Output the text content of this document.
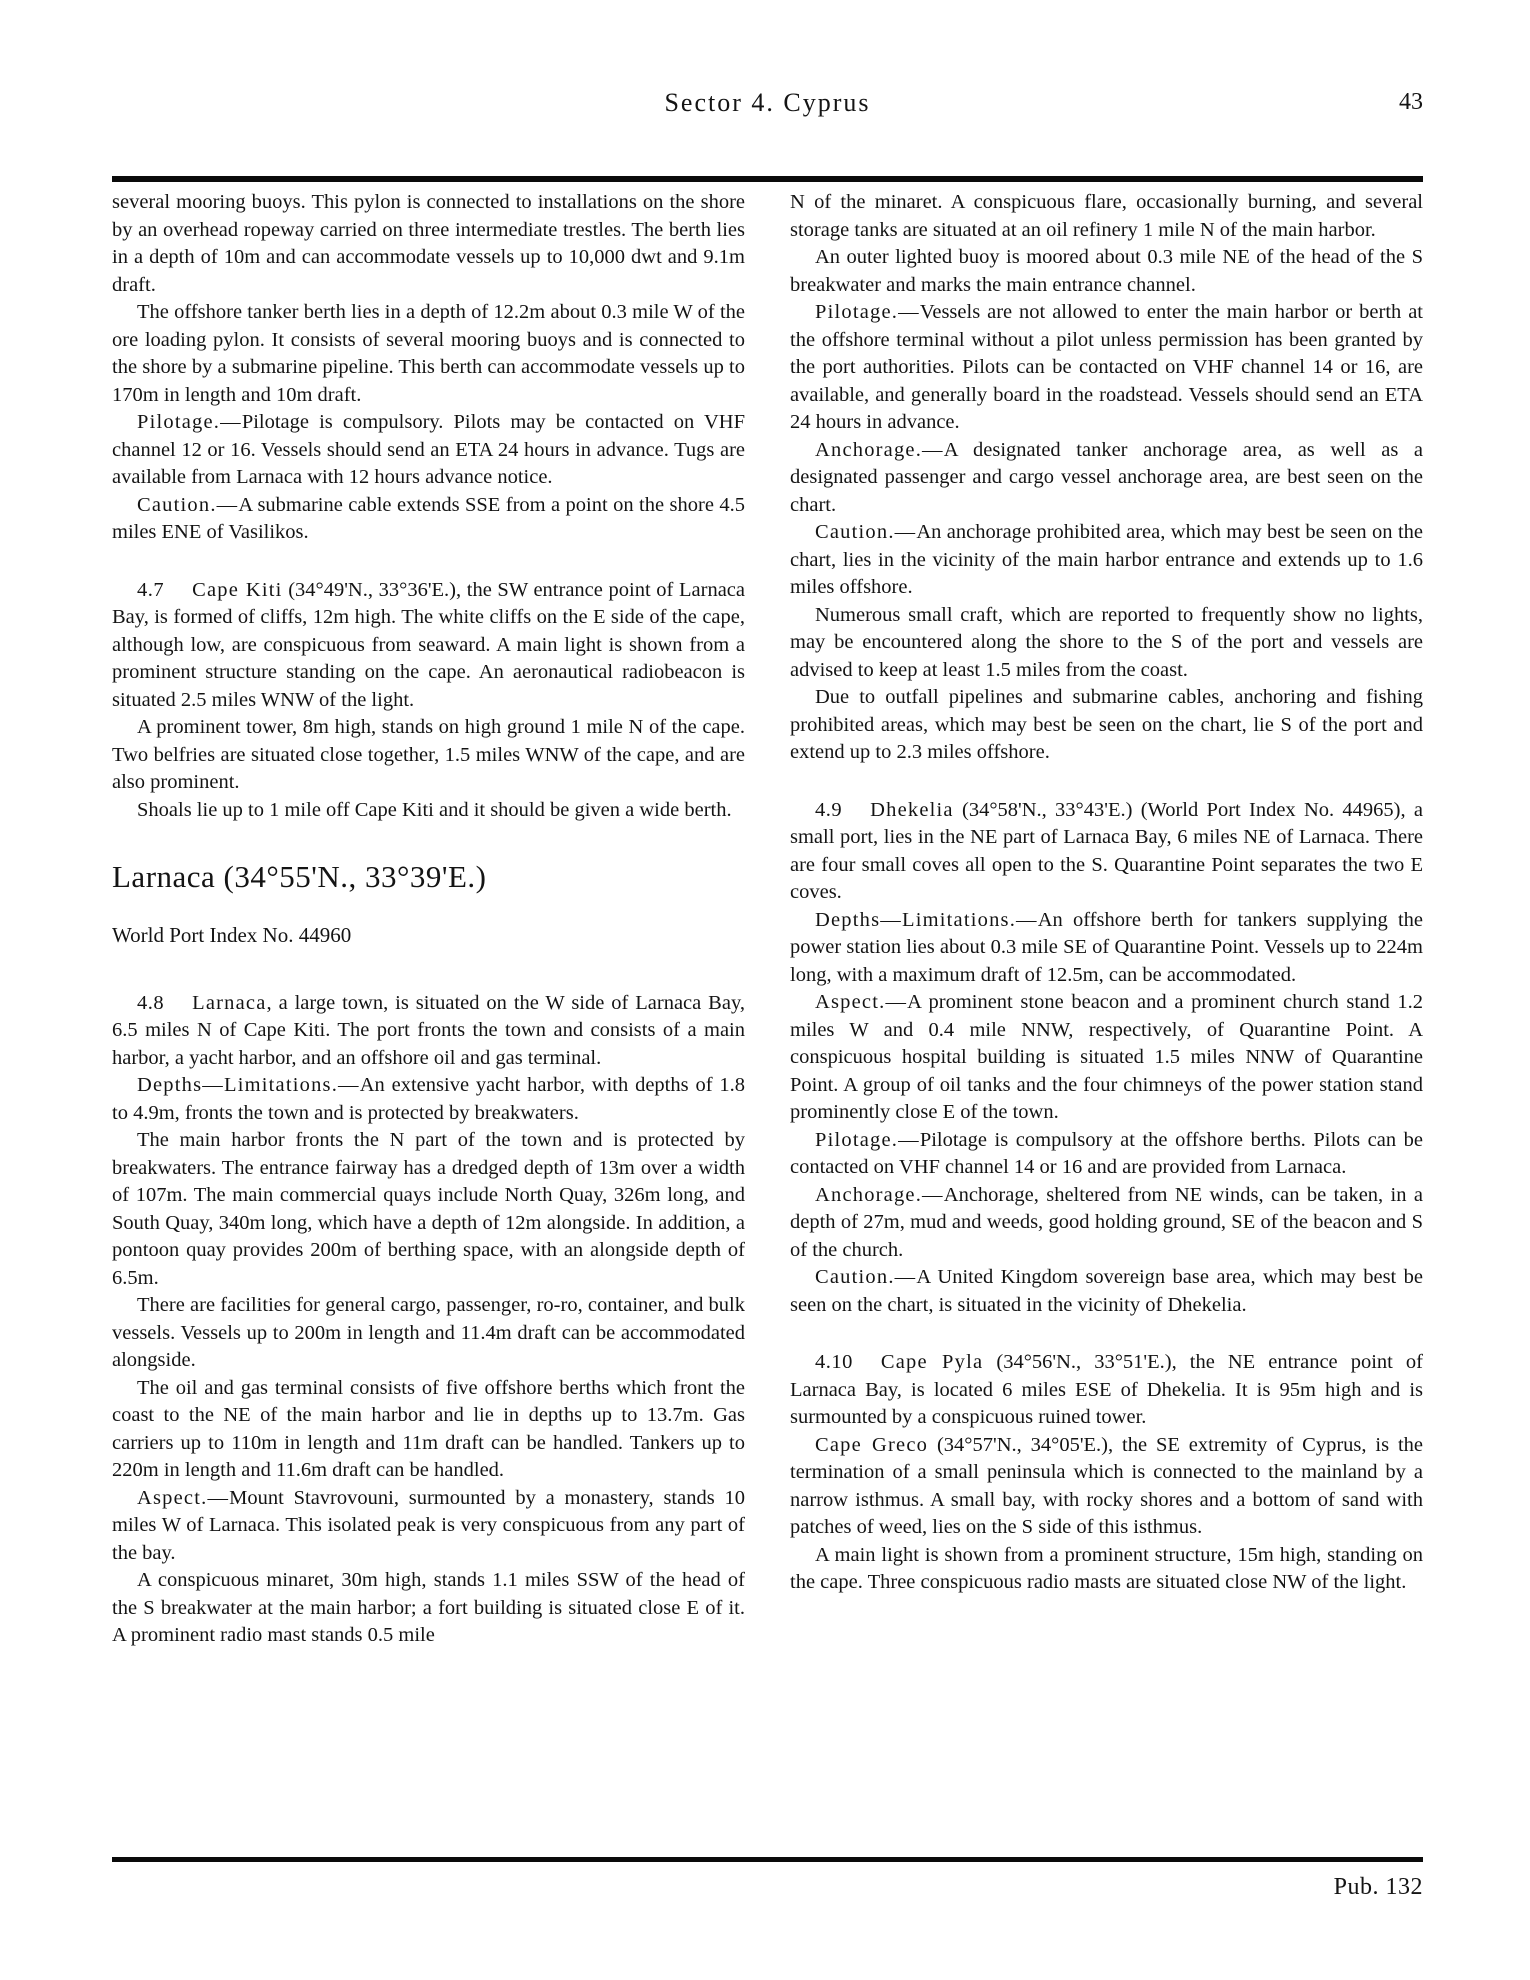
Sector 4. Cyprus	43

several mooring buoys. This pylon is connected to installations on the shore by an overhead ropeway carried on three intermediate trestles. The berth lies in a depth of 10m and can accommodate vessels up to 10,000 dwt and 9.1m draft.

The offshore tanker berth lies in a depth of 12.2m about 0.3 mile W of the ore loading pylon. It consists of several mooring buoys and is connected to the shore by a submarine pipeline. This berth can accommodate vessels up to 170m in length and 10m draft.

Pilotage.—Pilotage is compulsory. Pilots may be contacted on VHF channel 12 or 16. Vessels should send an ETA 24 hours in advance. Tugs are available from Larnaca with 12 hours advance notice.

Caution.—A submarine cable extends SSE from a point on the shore 4.5 miles ENE of Vasilikos.

4.7 Cape Kiti (34°49'N., 33°36'E.), the SW entrance point of Larnaca Bay, is formed of cliffs, 12m high. The white cliffs on the E side of the cape, although low, are conspicuous from seaward. A main light is shown from a prominent structure standing on the cape. An aeronautical radiobeacon is situated 2.5 miles WNW of the light.

A prominent tower, 8m high, stands on high ground 1 mile N of the cape. Two belfries are situated close together, 1.5 miles WNW of the cape, and are also prominent.

Shoals lie up to 1 mile off Cape Kiti and it should be given a wide berth.

Larnaca (34°55'N., 33°39'E.)

World Port Index No. 44960

4.8 Larnaca, a large town, is situated on the W side of Larnaca Bay, 6.5 miles N of Cape Kiti. The port fronts the town and consists of a main harbor, a yacht harbor, and an offshore oil and gas terminal.

Depths—Limitations.—An extensive yacht harbor, with depths of 1.8 to 4.9m, fronts the town and is protected by breakwaters.

The main harbor fronts the N part of the town and is protected by breakwaters. The entrance fairway has a dredged depth of 13m over a width of 107m. The main commercial quays include North Quay, 326m long, and South Quay, 340m long, which have a depth of 12m alongside. In addition, a pontoon quay provides 200m of berthing space, with an alongside depth of 6.5m.

There are facilities for general cargo, passenger, ro-ro, container, and bulk vessels. Vessels up to 200m in length and 11.4m draft can be accommodated alongside.

The oil and gas terminal consists of five offshore berths which front the coast to the NE of the main harbor and lie in depths up to 13.7m. Gas carriers up to 110m in length and 11m draft can be handled. Tankers up to 220m in length and 11.6m draft can be handled.

Aspect.—Mount Stavrovouni, surmounted by a monastery, stands 10 miles W of Larnaca. This isolated peak is very conspicuous from any part of the bay.

A conspicuous minaret, 30m high, stands 1.1 miles SSW of the head of the S breakwater at the main harbor; a fort building is situated close E of it. A prominent radio mast stands 0.5 mile

N of the minaret. A conspicuous flare, occasionally burning, and several storage tanks are situated at an oil refinery 1 mile N of the main harbor.

An outer lighted buoy is moored about 0.3 mile NE of the head of the S breakwater and marks the main entrance channel.

Pilotage.—Vessels are not allowed to enter the main harbor or berth at the offshore terminal without a pilot unless permission has been granted by the port authorities. Pilots can be contacted on VHF channel 14 or 16, are available, and generally board in the roadstead. Vessels should send an ETA 24 hours in advance.

Anchorage.—A designated tanker anchorage area, as well as a designated passenger and cargo vessel anchorage area, are best seen on the chart.

Caution.—An anchorage prohibited area, which may best be seen on the chart, lies in the vicinity of the main harbor entrance and extends up to 1.6 miles offshore.

Numerous small craft, which are reported to frequently show no lights, may be encountered along the shore to the S of the port and vessels are advised to keep at least 1.5 miles from the coast.

Due to outfall pipelines and submarine cables, anchoring and fishing prohibited areas, which may best be seen on the chart, lie S of the port and extend up to 2.3 miles offshore.

4.9 Dhekelia (34°58'N., 33°43'E.) (World Port Index No. 44965), a small port, lies in the NE part of Larnaca Bay, 6 miles NE of Larnaca. There are four small coves all open to the S. Quarantine Point separates the two E coves.

Depths—Limitations.—An offshore berth for tankers supplying the power station lies about 0.3 mile SE of Quarantine Point. Vessels up to 224m long, with a maximum draft of 12.5m, can be accommodated.

Aspect.—A prominent stone beacon and a prominent church stand 1.2 miles W and 0.4 mile NNW, respectively, of Quarantine Point. A conspicuous hospital building is situated 1.5 miles NNW of Quarantine Point. A group of oil tanks and the four chimneys of the power station stand prominently close E of the town.

Pilotage.—Pilotage is compulsory at the offshore berths. Pilots can be contacted on VHF channel 14 or 16 and are provided from Larnaca.

Anchorage.—Anchorage, sheltered from NE winds, can be taken, in a depth of 27m, mud and weeds, good holding ground, SE of the beacon and S of the church.

Caution.—A United Kingdom sovereign base area, which may best be seen on the chart, is situated in the vicinity of Dhekelia.

4.10 Cape Pyla (34°56'N., 33°51'E.), the NE entrance point of Larnaca Bay, is located 6 miles ESE of Dhekelia. It is 95m high and is surmounted by a conspicuous ruined tower.

Cape Greco (34°57'N., 34°05'E.), the SE extremity of Cyprus, is the termination of a small peninsula which is connected to the mainland by a narrow isthmus. A small bay, with rocky shores and a bottom of sand with patches of weed, lies on the S side of this isthmus.

A main light is shown from a prominent structure, 15m high, standing on the cape. Three conspicuous radio masts are situated close NW of the light.

Pub. 132
